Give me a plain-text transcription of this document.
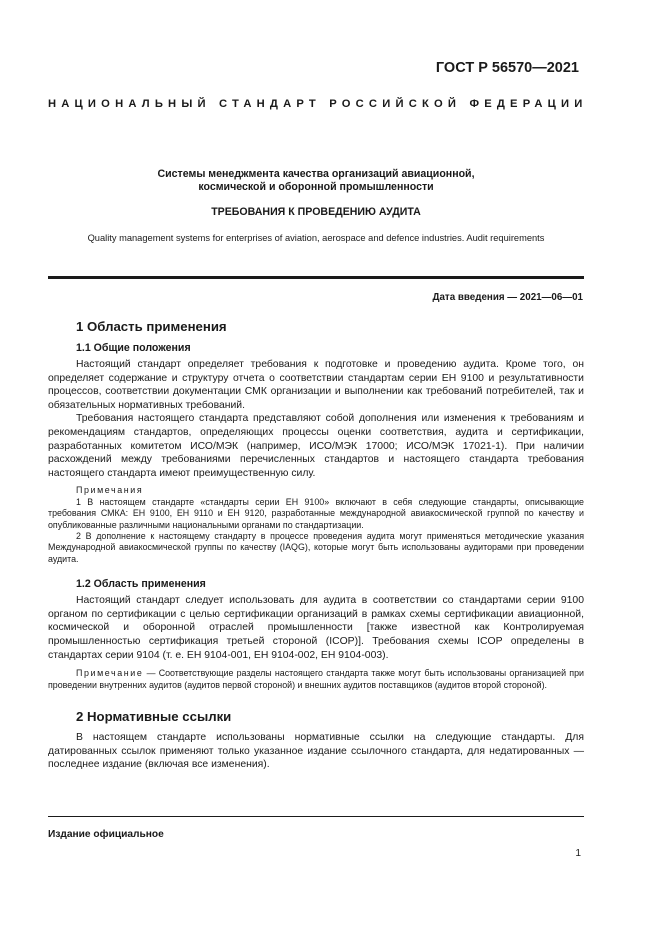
ГОСТ Р 56570—2021
НАЦИОНАЛЬНЫЙ СТАНДАРТ РОССИЙСКОЙ ФЕДЕРАЦИИ
Системы менеджмента качества организаций авиационной,
космической и оборонной промышленности
ТРЕБОВАНИЯ К ПРОВЕДЕНИЮ АУДИТА
Quality management systems for enterprises of aviation, aerospace and defence industries. Audit requirements
Дата введения — 2021—06—01
1 Область применения
1.1 Общие положения

Настоящий стандарт определяет требования к подготовке и проведению аудита. Кроме того, он определяет содержание и структуру отчета о соответствии стандартам серии ЕН 9100 и результативности процессов, соответствии документации СМК организации и выполнении как требований потребителей, так и обязательных нормативных требований.

Требования настоящего стандарта представляют собой дополнения или изменения к требованиям и рекомендациям стандартов, определяющих процессы оценки соответствия, аудита и сертификации, разработанных комитетом ИСО/МЭК (например, ИСО/МЭК 17000; ИСО/МЭК 17021-1). При наличии расхождений между требованиями перечисленных стандартов и настоящего стандарта требования настоящего стандарта имеют преимущественную силу.

Примечания

1 В настоящем стандарте «стандарты серии ЕН 9100» включают в себя следующие стандарты, описывающие требования СМКА: ЕН 9100, ЕН 9110 и ЕН 9120, разработанные международной авиакосмической группой по качеству и опубликованные различными национальными органами по стандартизации.

2 В дополнение к настоящему стандарту в процессе проведения аудита могут применяться методические указания Международной авиакосмической группы по качеству (IAQG), которые могут быть использованы аудиторами при проведении аудита.

1.2 Область применения

Настоящий стандарт следует использовать для аудита в соответствии со стандартами серии 9100 органом по сертификации с целью сертификации организаций в рамках схемы сертификации авиационной, космической и оборонной отраслей промышленности [также известной как Контролируемая промышленностью сертификация третьей стороной (ICOP)]. Требования схемы ICOP определены в стандартах серии 9104 (т. е. ЕН 9104-001, ЕН 9104-002, ЕН 9104-003).

Примечание — Соответствующие разделы настоящего стандарта также могут быть использованы организацией при проведении внутренних аудитов (аудитов первой стороной) и внешних аудитов поставщиков (аудитов второй стороной).

2 Нормативные ссылки

В настоящем стандарте использованы нормативные ссылки на следующие стандарты. Для датированных ссылок применяют только указанное издание ссылочного стандарта, для недатированных — последнее издание (включая все изменения).

Издание официальное
1
